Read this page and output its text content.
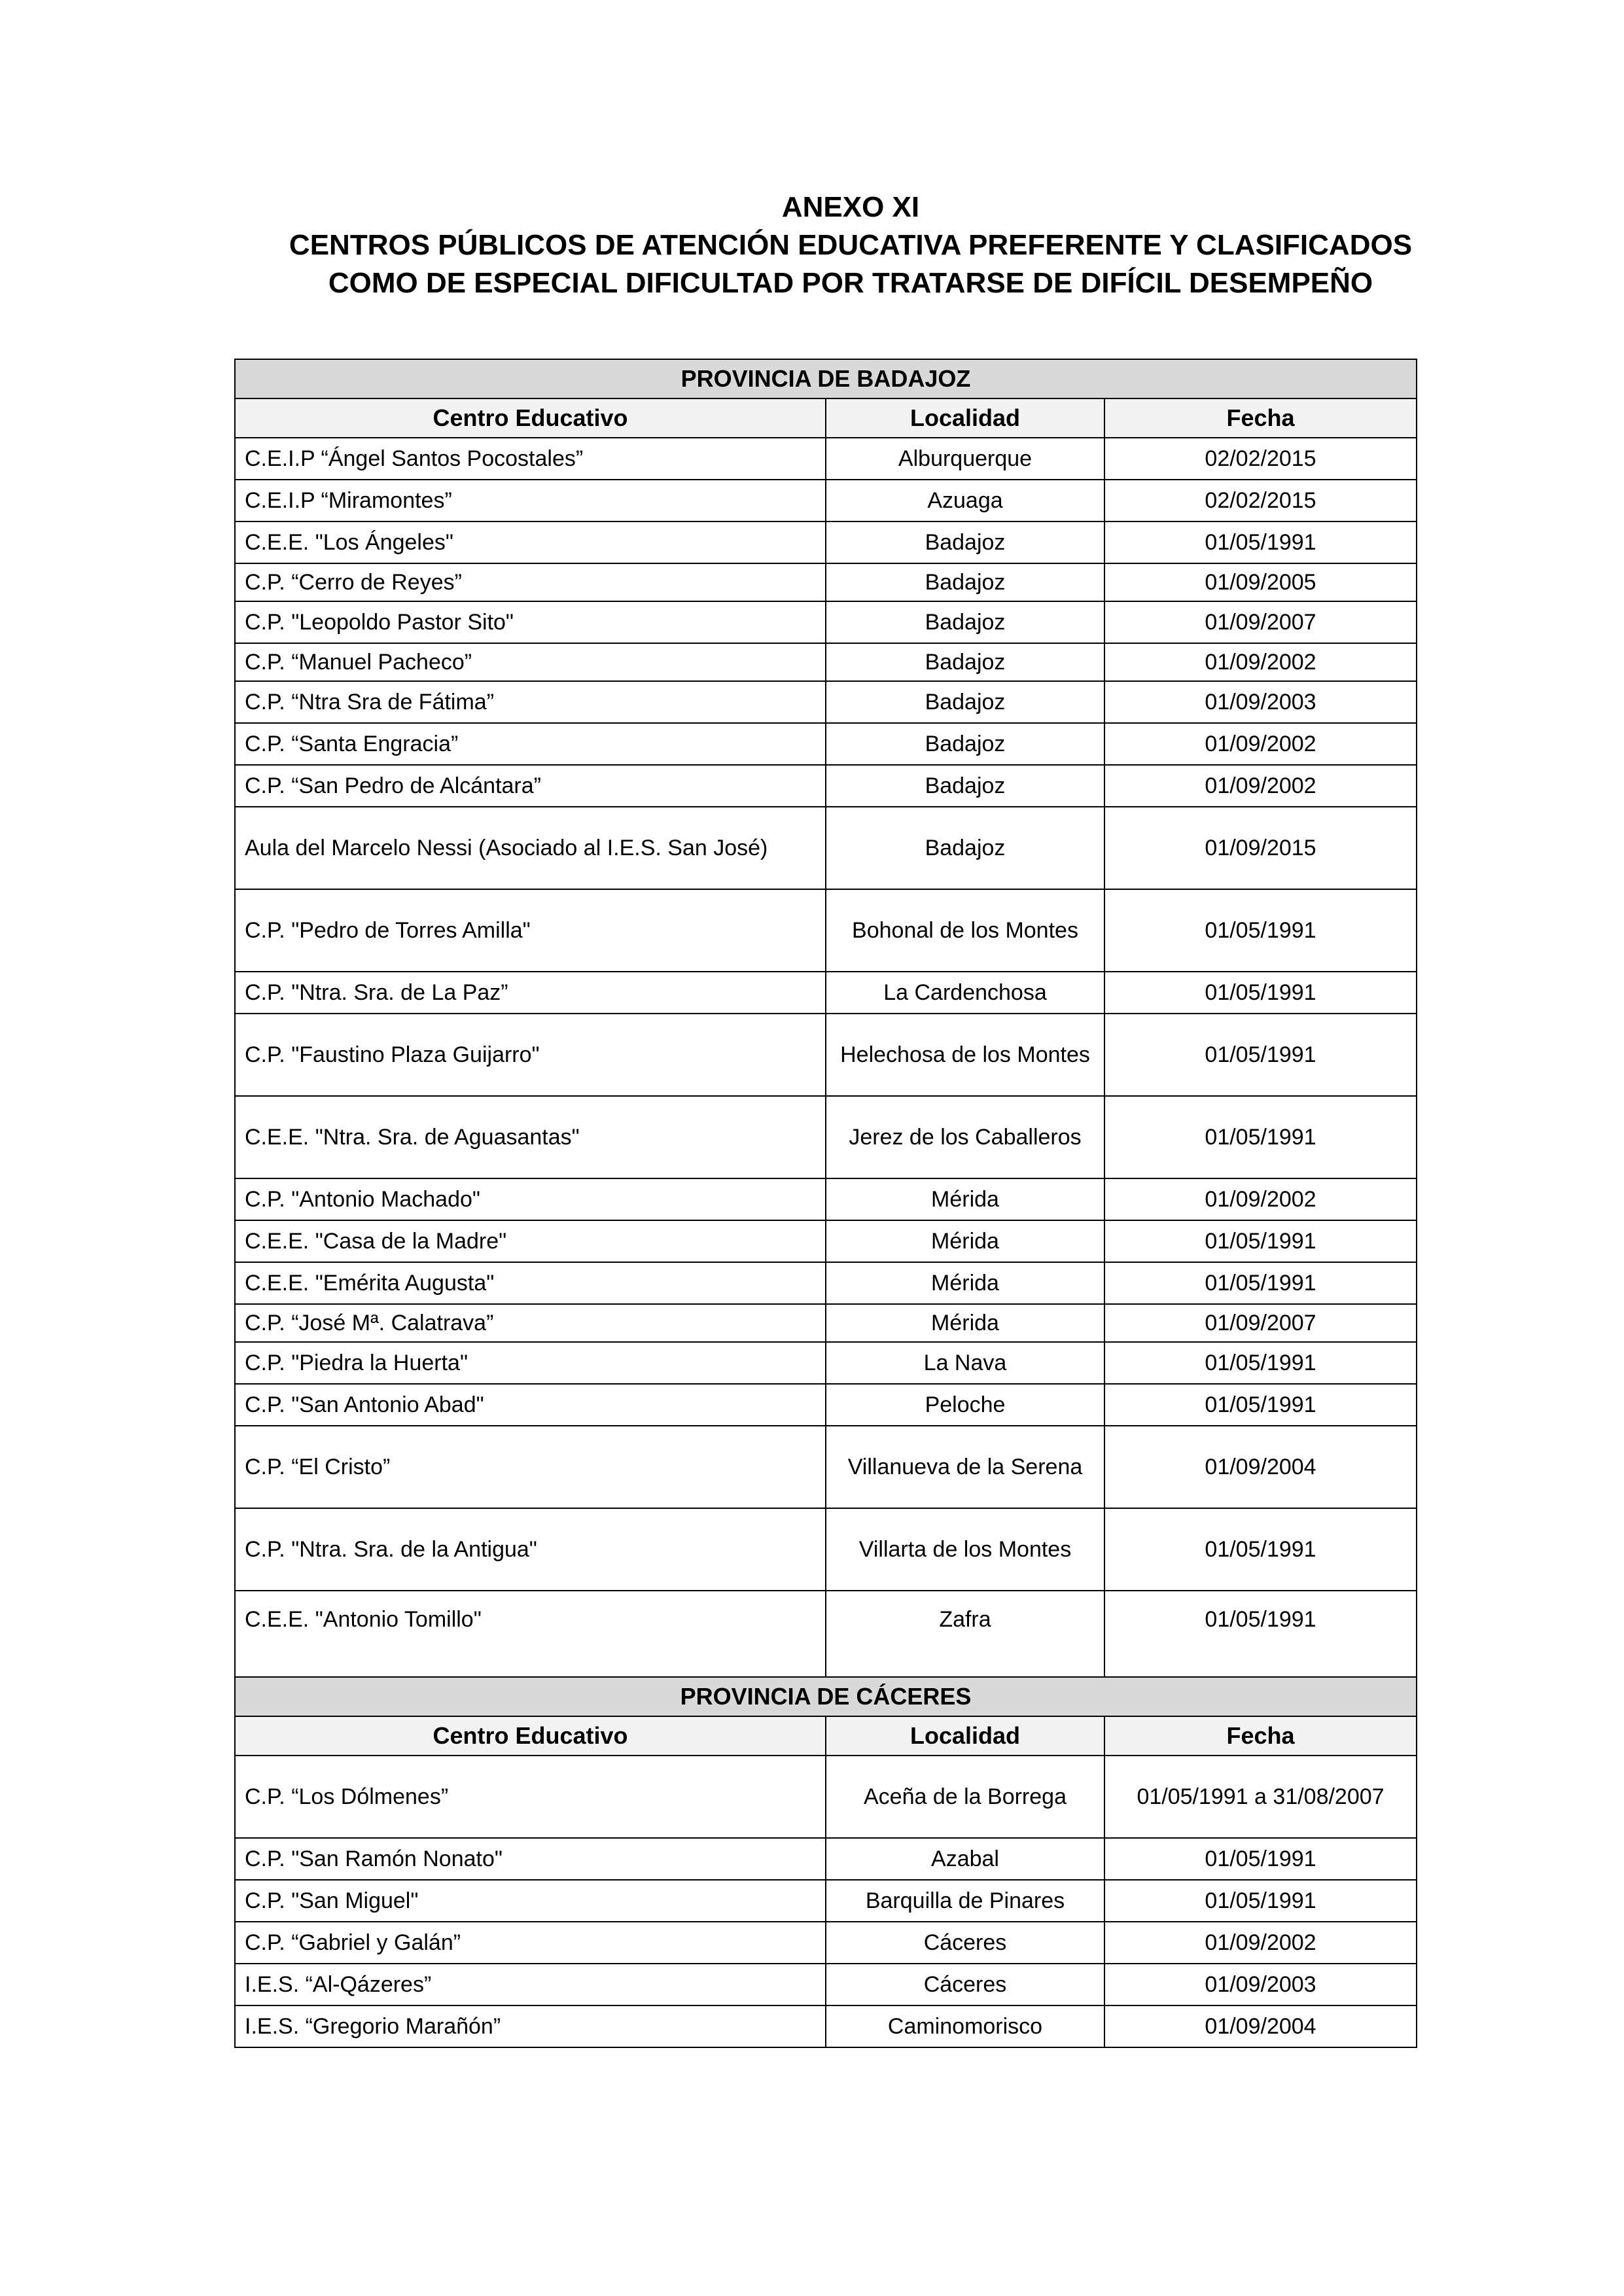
ANEXO XI
CENTROS PÚBLICOS DE ATENCIÓN EDUCATIVA PREFERENTE Y CLASIFICADOS
COMO DE ESPECIAL DIFICULTAD POR TRATARSE DE DIFÍCIL DESEMPEÑO
PROVINCIA DE BADAJOZ		
Centro Educativo	Localidad	Fecha
C.E.I.P “Ángel Santos Pocostales”	Alburquerque	02/02/2015
C.E.I.P “Miramontes”	Azuaga	02/02/2015
C.E.E. "Los Ángeles"	Badajoz	01/05/1991
C.P. “Cerro de Reyes”	Badajoz	01/09/2005
C.P. "Leopoldo Pastor Sito"	Badajoz	01/09/2007
C.P. “Manuel Pacheco”	Badajoz	01/09/2002
C.P. “Ntra Sra de Fátima”	Badajoz	01/09/2003
C.P. “Santa Engracia”	Badajoz	01/09/2002
C.P. “San Pedro de Alcántara”	Badajoz	01/09/2002
Aula del Marcelo Nessi (Asociado al I.E.S. San José)	Badajoz	01/09/2015
C.P. "Pedro de Torres Amilla"	Bohonal de los Montes	01/05/1991
C.P. "Ntra. Sra. de La Paz”	La Cardenchosa	01/05/1991
C.P. "Faustino Plaza Guijarro"	Helechosa de los Montes	01/05/1991
C.E.E. "Ntra. Sra. de Aguasantas"	Jerez de los Caballeros	01/05/1991
C.P. "Antonio Machado"	Mérida	01/09/2002
C.E.E. "Casa de la Madre"	Mérida	01/05/1991
C.E.E. "Emérita Augusta"	Mérida	01/05/1991
C.P. “José Mª. Calatrava”	Mérida	01/09/2007
C.P. "Piedra la Huerta"	La Nava	01/05/1991
C.P. "San Antonio Abad"	Peloche	01/05/1991
C.P. “El Cristo”	Villanueva de la Serena	01/09/2004
C.P. "Ntra. Sra. de la Antigua"	Villarta de los Montes	01/05/1991
C.E.E. "Antonio Tomillo"	Zafra	01/05/1991
PROVINCIA DE CÁCERES		
Centro Educativo	Localidad	Fecha
C.P. “Los Dólmenes”	Aceña de la Borrega	01/05/1991 a 31/08/2007
C.P. "San Ramón Nonato"	Azabal	01/05/1991
C.P. "San Miguel"	Barquilla de Pinares	01/05/1991
C.P. “Gabriel y Galán”	Cáceres	01/09/2002
I.E.S. “Al-Qázeres”	Cáceres	01/09/2003
I.E.S. “Gregorio Marañón”	Caminomorisco	01/09/2004
